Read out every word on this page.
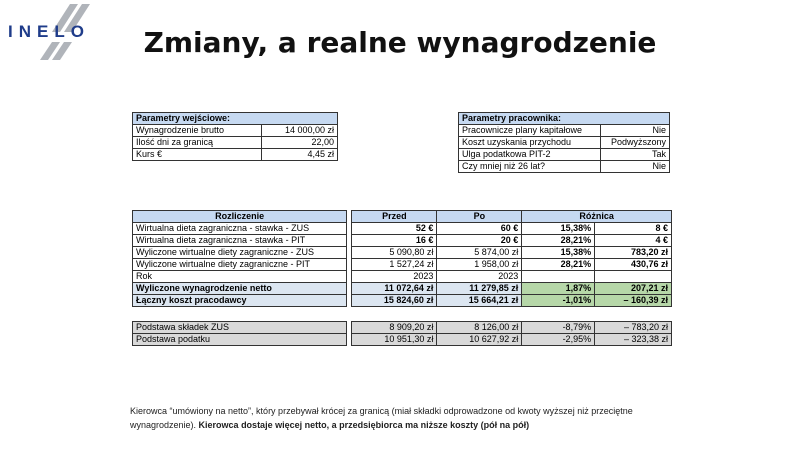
INELO	Zmiany, a realne wynagrodzenie
Parametry wejściowe:	
Wynagrodzenie brutto	14 000,00 zł
Ilość dni za granicą	22,00
Kurs €	4,45 zł
Parametry pracownika:	
Pracownicze plany kapitałowe	Nie
Koszt uzyskania przychodu	Podwyższony
Ulga podatkowa PIT-2	Tak
Czy mniej niż 26 lat?	Nie
Rozliczenie		Przed	Po	Różnica	
Wirtualna dieta zagraniczna - stawka - ZUS		52 €	60 €	15,38%	8 €
Wirtualna dieta zagraniczna - stawka - PIT		16 €	20 €	28,21%	4 €
Wyliczone wirtualne diety zagraniczne - ZUS		5 090,80 zł	5 874,00 zł	15,38%	783,20 zł
Wyliczone wirtualne diety zagraniczne - PIT		1 527,24 zł	1 958,00 zł	28,21%	430,76 zł
Rok		2023	2023		
Wyliczone wynagrodzenie netto		11 072,64 zł	11 279,85 zł	1,87%	207,21 zł
Łączny koszt pracodawcy		15 824,60 zł	15 664,21 zł	-1,01%	– 160,39 zł
Podstawa składek ZUS		8 909,20 zł	8 126,00 zł	-8,79%	– 783,20 zł
Podstawa podatku		10 951,30 zł	10 627,92 zł	-2,95%	– 323,38 zł
Kierowca “umówiony na netto”, który przebywał krócej za granicą (miał składki odprowadzone od kwoty wyższej niż przeciętne wynagrodzenie). Kierowca dostaje więcej netto, a przedsiębiorca ma niższe koszty (pół na pół)
